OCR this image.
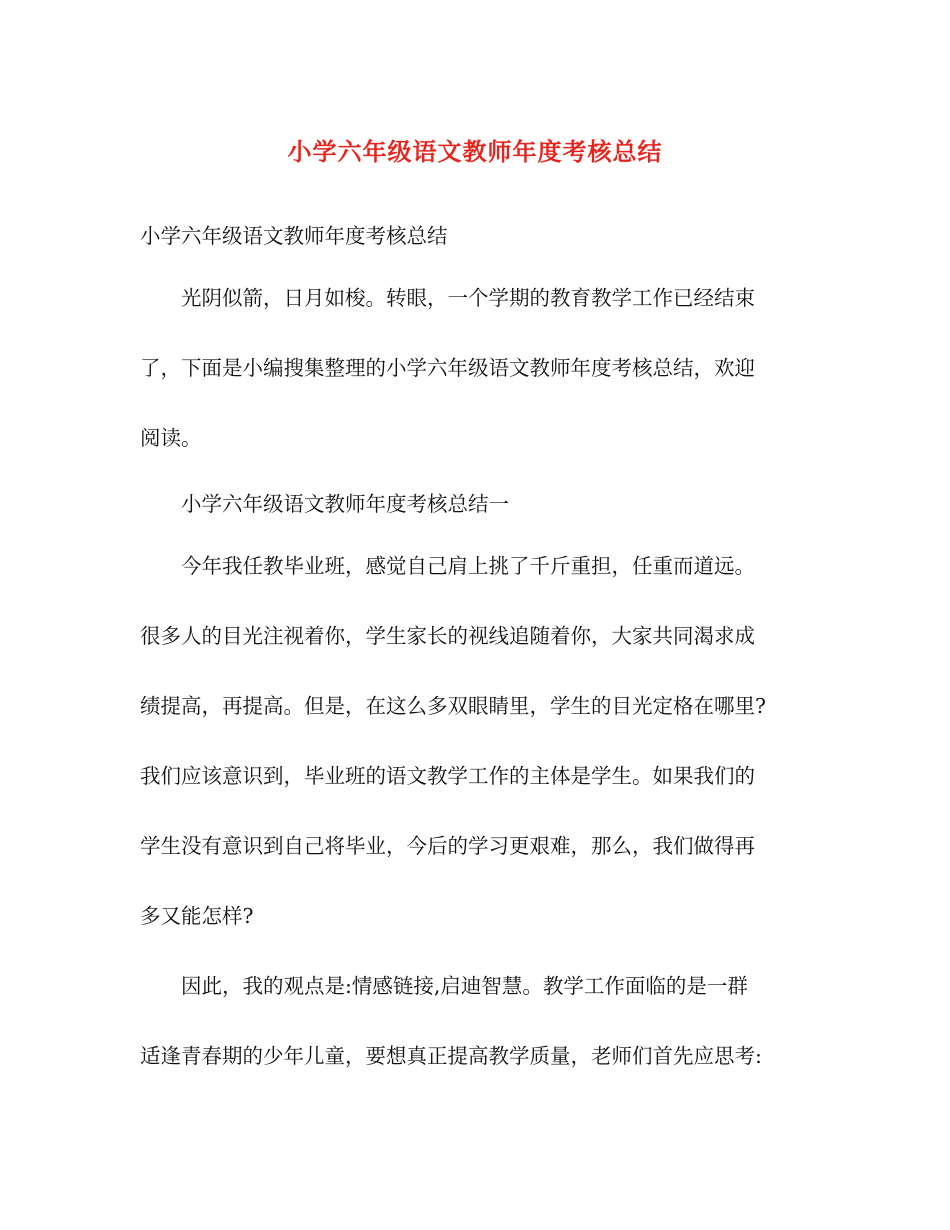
小学六年级语文教师年度考核总结
小学六年级语文教师年度考核总结
　　光阴似箭，日月如梭。转眼，一个学期的教育教学工作已经结束
了，下面是小编搜集整理的小学六年级语文教师年度考核总结，欢迎
阅读。
　　小学六年级语文教师年度考核总结一
　　今年我任教毕业班，感觉自己肩上挑了千斤重担，任重而道远。
很多人的目光注视着你，学生家长的视线追随着你，大家共同渴求成
绩提高，再提高。但是，在这么多双眼睛里，学生的目光定格在哪里?
我们应该意识到，毕业班的语文教学工作的主体是学生。如果我们的
学生没有意识到自己将毕业，今后的学习更艰难，那么，我们做得再
多又能怎样?
　　因此，我的观点是:情感链接,启迪智慧。教学工作面临的是一群
适逢青春期的少年儿童，要想真正提高教学质量，老师们首先应思考:
